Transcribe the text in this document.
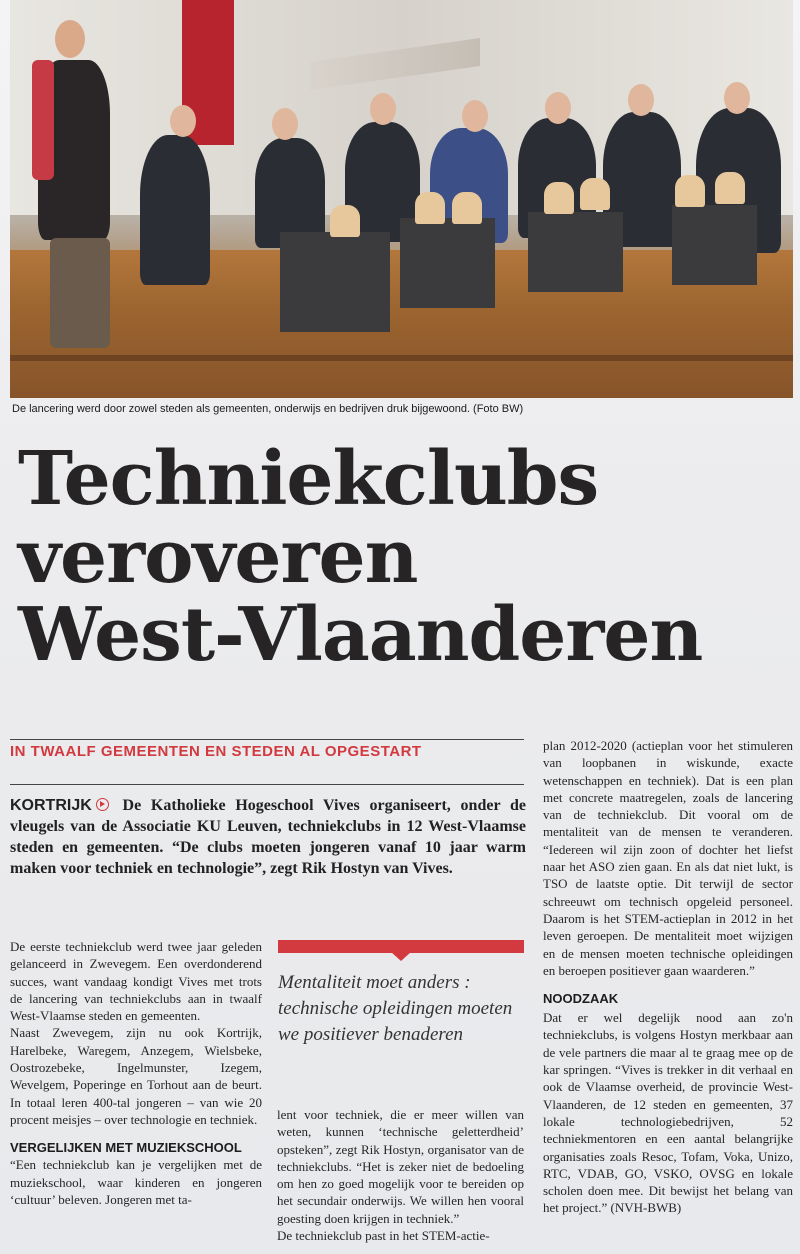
De lancering werd door zowel steden als gemeenten, onderwijs en bedrijven druk bijgewoond. (Foto BW)
Techniekclubs
veroveren
West-Vlaanderen
IN TWAALF GEMEENTEN EN STEDEN AL OPGESTART
KORTRIJK De Katholieke Hogeschool Vives organiseert, onder de vleugels van de Associatie KU Leuven, techniekclubs in 12 West-Vlaamse steden en gemeenten. “De clubs moeten jongeren vanaf 10 jaar warm maken voor techniek en technologie”, zegt Rik Hostyn van Vives.

De eerste techniekclub werd twee jaar geleden gelanceerd in Zwevegem. Een overdonderend succes, want vandaag kondigt Vives met trots de lancering van techniekclubs aan in twaalf West-Vlaamse steden en gemeenten.

Naast Zwevegem, zijn nu ook Kortrijk, Harelbeke, Waregem, Anzegem, Wielsbeke, Oostrozebeke, Ingelmunster, Izegem, Wevelgem, Poperinge en Torhout aan de beurt. In totaal leren 400-tal jongeren – van wie 20 procent meisjes – over technologie en techniek.

VERGELIJKEN MET MUZIEKSCHOOL

“Een techniekclub kan je vergelijken met de muziekschool, waar kinderen en jongeren ‘cultuur’ beleven. Jongeren met ta-

Mentaliteit moet anders : technische opleidingen moeten we positiever benaderen

lent voor techniek, die er meer willen van weten, kunnen ‘technische geletterdheid’ opsteken”, zegt Rik Hostyn, organisator van de techniekclubs. “Het is zeker niet de bedoeling om hen zo goed mogelijk voor te bereiden op het secundair onderwijs. We willen hen vooral goesting doen krijgen in techniek.”

De techniekclub past in het STEM-actie-

plan 2012-2020 (actieplan voor het stimuleren van loopbanen in wiskunde, exacte wetenschappen en techniek). Dat is een plan met concrete maatregelen, zoals de lancering van de techniekclub. Dit vooral om de mentaliteit van de mensen te veranderen. “Iedereen wil zijn zoon of dochter het liefst naar het ASO zien gaan. En als dat niet lukt, is TSO de laatste optie. Dit terwijl de sector schreeuwt om technisch opgeleid personeel. Daarom is het STEM-actieplan in 2012 in het leven geroepen. De mentaliteit moet wijzigen en de mensen moeten technische opleidingen en beroepen positiever gaan waarderen.”

NOODZAAK

Dat er wel degelijk nood aan zo'n techniekclubs, is volgens Hostyn merkbaar aan de vele partners die maar al te graag mee op de kar springen. “Vives is trekker in dit verhaal en ook de Vlaamse overheid, de provincie West-Vlaanderen, de 12 steden en gemeenten, 37 lokale technologiebedrijven, 52 techniekmentoren en een aantal belangrijke organisaties zoals Resoc, Tofam, Voka, Unizo, RTC, VDAB, GO, VSKO, OVSG en lokale scholen doen mee. Dit bewijst het belang van het project.” (NVH-BWB)
